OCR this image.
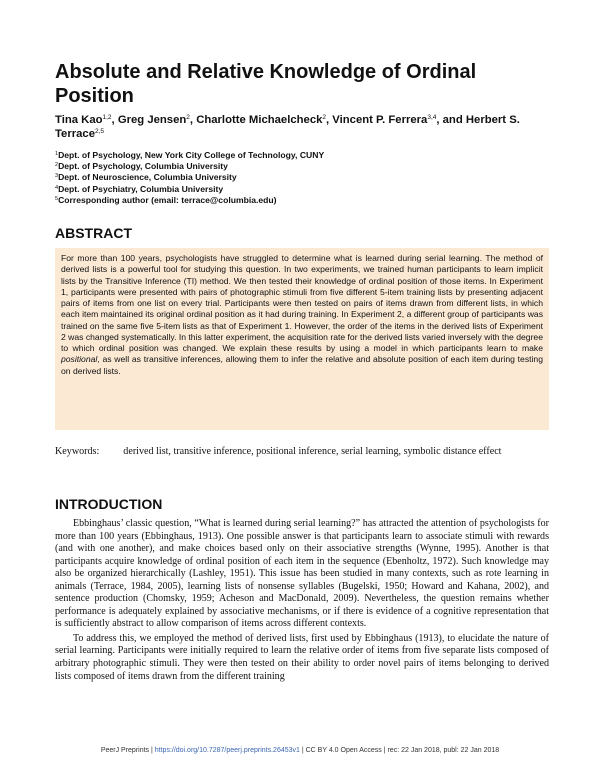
Absolute and Relative Knowledge of Ordinal Position
Tina Kao$^{1,2}$, Greg Jensen$^2$, Charlotte Michaelcheck$^2$, Vincent P. Ferrera$^{3,4}$, and Herbert S. Terrace$^{2,5}$
$^1$Dept. of Psychology, New York City College of Technology, CUNY
$^2$Dept. of Psychology, Columbia University
$^3$Dept. of Neuroscience, Columbia University
$^4$Dept. of Psychiatry, Columbia University
$^5$Corresponding author (email: terrace@columbia.edu)
ABSTRACT
For more than 100 years, psychologists have struggled to determine what is learned during serial learning. The method of derived lists is a powerful tool for studying this question. In two experiments, we trained human participants to learn implicit lists by the Transitive Inference (TI) method. We then tested their knowledge of ordinal position of those items. In Experiment 1, participants were presented with pairs of photographic stimuli from five different 5-item training lists by presenting adjacent pairs of items from one list on every trial. Participants were then tested on pairs of items drawn from different lists, in which each item maintained its original ordinal position as it had during training. In Experiment 2, a different group of participants was trained on the same five 5-item lists as that of Experiment 1. However, the order of the items in the derived lists of Experiment 2 was changed systematically. In this latter experiment, the acquisition rate for the derived lists varied inversely with the degree to which ordinal position was changed. We explain these results by using a model in which participants learn to make positional, as well as transitive inferences, allowing them to infer the relative and absolute position of each item during testing on derived lists.
Keywords: derived list, transitive inference, positional inference, serial learning, symbolic distance effect
INTRODUCTION

Ebbinghaus’ classic question, “What is learned during serial learning?” has attracted the attention of psychologists for more than 100 years (Ebbinghaus, 1913). One possible answer is that participants learn to associate stimuli with rewards (and with one another), and make choices based only on their associative strengths (Wynne, 1995). Another is that participants acquire knowledge of ordinal position of each item in the sequence (Ebenholtz, 1972). Such knowledge may also be organized hierarchically (Lashley, 1951). This issue has been studied in many contexts, such as rote learning in animals (Terrace, 1984, 2005), learning lists of nonsense syllables (Bugelski, 1950; Howard and Kahana, 2002), and sentence production (Chomsky, 1959; Acheson and MacDonald, 2009). Nevertheless, the question remains whether performance is adequately explained by associative mechanisms, or if there is evidence of a cognitive representation that is sufficiently abstract to allow comparison of items across different contexts.

To address this, we employed the method of derived lists, first used by Ebbinghaus (1913), to elucidate the nature of serial learning. Participants were initially required to learn the relative order of items from five separate lists composed of arbitrary photographic stimuli. They were then tested on their ability to order novel pairs of items belonging to derived lists composed of items drawn from the different training

PeerJ Preprints | https://doi.org/10.7287/peerj.preprints.26453v1 | CC BY 4.0 Open Access | rec: 22 Jan 2018, publ: 22 Jan 2018
